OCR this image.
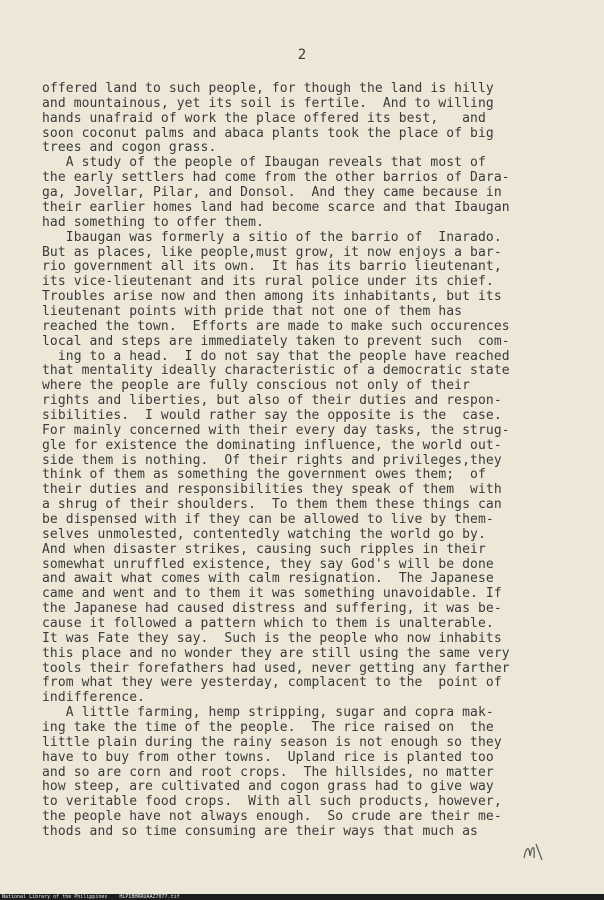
2
offered land to such people, for though the land is hilly
and mountainous, yet its soil is fertile.  And to willing
hands unafraid of work the place offered its best,   and
soon coconut palms and abaca plants took the place of big
trees and cogon grass.
A study of the people of Ibaugan reveals that most of
the early settlers had come from the other barrios of Dara-
ga, Jovellar, Pilar, and Donsol.  And they came because in
their earlier homes land had become scarce and that Ibaugan
had something to offer them.
Ibaugan was formerly a sitio of the barrio of  Inarado.
But as places, like people,must grow, it now enjoys a bar-
rio government all its own.  It has its barrio lieutenant,
its vice-lieutenant and its rural police under its chief.
Troubles arise now and then among its inhabitants, but its
lieutenant points with pride that not one of them has
reached the town.  Efforts are made to make such occurences
local and steps are immediately taken to prevent such  com-
ing to a head.  I do not say that the people have reached
that mentality ideally characteristic of a democratic state
where the people are fully conscious not only of their
rights and liberties, but also of their duties and respon-
sibilities.  I would rather say the opposite is the  case.
For mainly concerned with their every day tasks, the strug-
gle for existence the dominating influence, the world out-
side them is nothing.  Of their rights and privileges,they
think of them as something the government owes them;  of
their duties and responsibilities they speak of them  with
a shrug of their shoulders.  To them them these things can
be dispensed with if they can be allowed to live by them-
selves unmolested, contentedly watching the world go by.
And when disaster strikes, causing such ripples in their
somewhat unruffled existence, they say God's will be done
and await what comes with calm resignation.  The Japanese
came and went and to them it was something unavoidable. If
the Japanese had caused distress and suffering, it was be-
cause it followed a pattern which to them is unalterable.
It was Fate they say.  Such is the people who now inhabits
this place and no wonder they are still using the same very
tools their forefathers had used, never getting any farther
from what they were yesterday, complacent to the  point of
indifference.
A little farming, hemp stripping, sugar and copra mak-
ing take the time of the people.  The rice raised on  the
little plain during the rainy season is not enough so they
have to buy from other towns.  Upland rice is planted too
and so are corn and root crops.  The hillsides, no matter
how steep, are cultivated and cogon grass had to give way
to veritable food crops.  With all such products, however,
the people have not always enough.  So crude are their me-
thods and so time consuming are their ways that much as
National Library of the Philippines    HLPIBHRRUAAZ7077.tif
